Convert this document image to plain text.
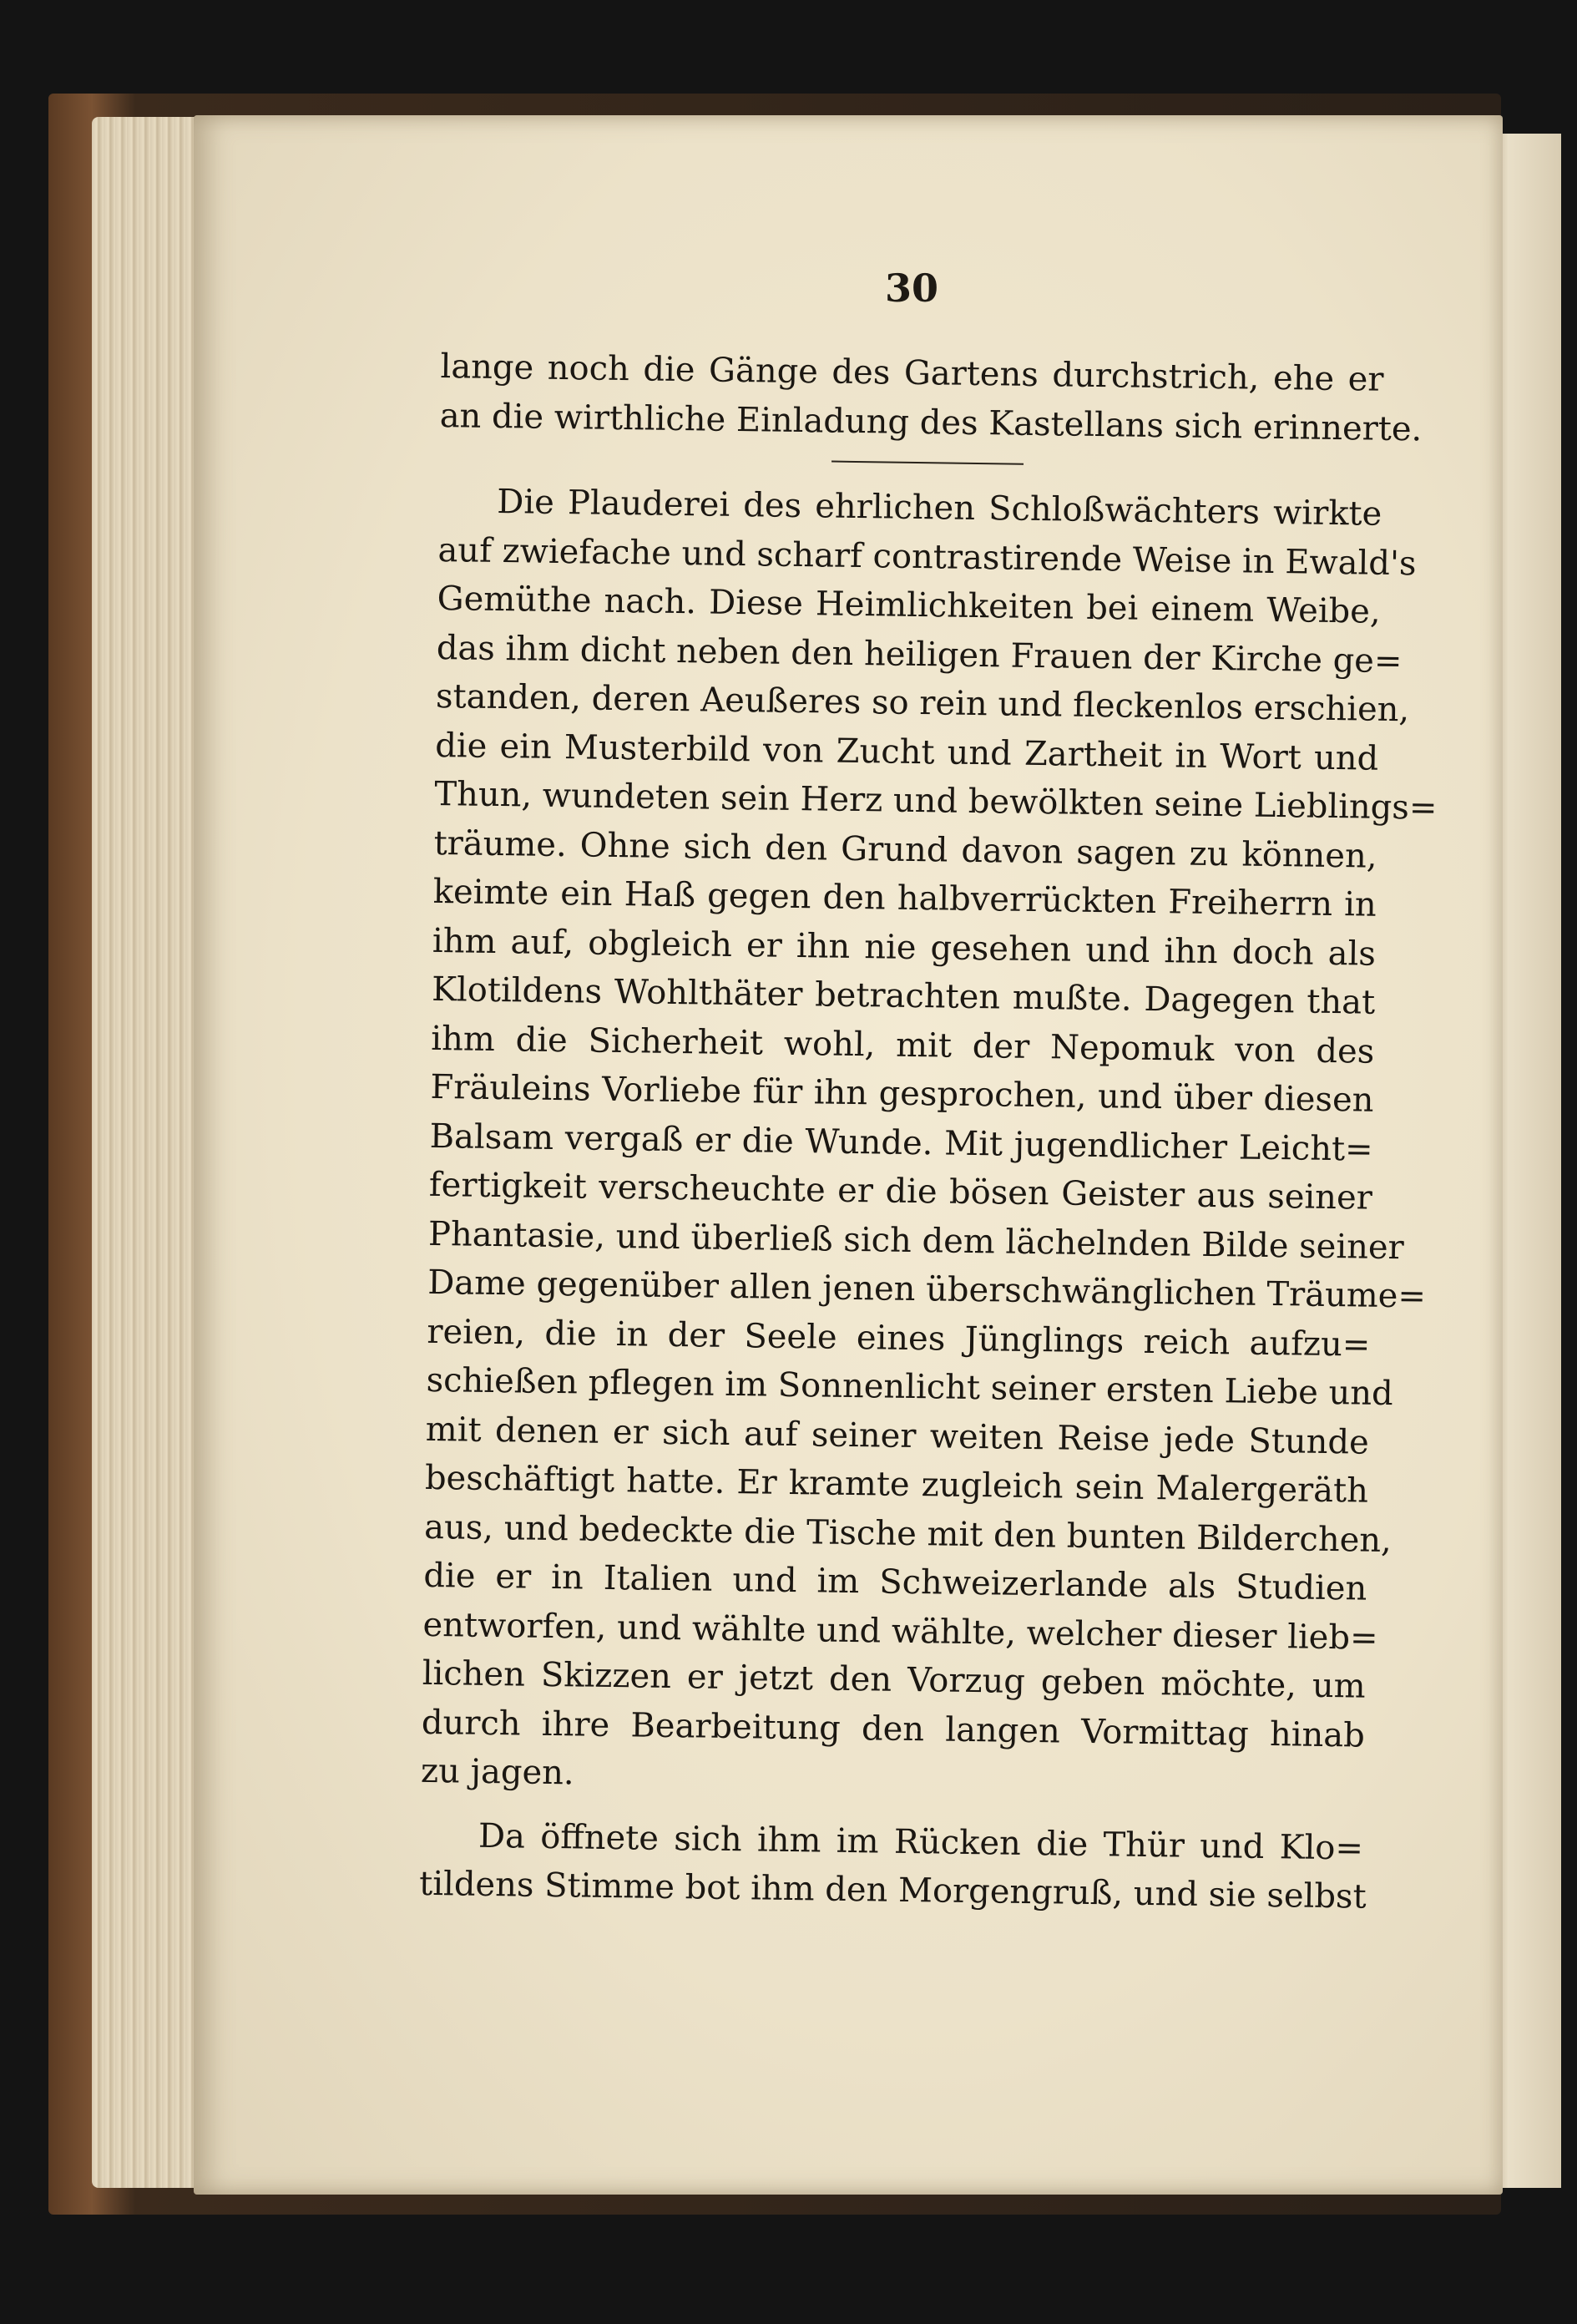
30
lange noch die Gänge des Gartens durchstrich, ehe er
an die wirthliche Einladung des Kastellans sich erinnerte.
Die Plauderei des ehrlichen Schloßwächters wirkte
auf zwiefache und scharf contrastirende Weise in Ewald's
Gemüthe nach. Diese Heimlichkeiten bei einem Weibe,
das ihm dicht neben den heiligen Frauen der Kirche ge=
standen, deren Aeußeres so rein und fleckenlos erschien,
die ein Musterbild von Zucht und Zartheit in Wort und
Thun, wundeten sein Herz und bewölkten seine Lieblings=
träume. Ohne sich den Grund davon sagen zu können,
keimte ein Haß gegen den halbverrückten Freiherrn in
ihm auf, obgleich er ihn nie gesehen und ihn doch als
Klotildens Wohlthäter betrachten mußte. Dagegen that
ihm die Sicherheit wohl, mit der Nepomuk von des
Fräuleins Vorliebe für ihn gesprochen, und über diesen
Balsam vergaß er die Wunde. Mit jugendlicher Leicht=
fertigkeit verscheuchte er die bösen Geister aus seiner
Phantasie, und überließ sich dem lächelnden Bilde seiner
Dame gegenüber allen jenen überschwänglichen Träume=
reien, die in der Seele eines Jünglings reich aufzu=
schießen pflegen im Sonnenlicht seiner ersten Liebe und
mit denen er sich auf seiner weiten Reise jede Stunde
beschäftigt hatte. Er kramte zugleich sein Malergeräth
aus, und bedeckte die Tische mit den bunten Bilderchen,
die er in Italien und im Schweizerlande als Studien
entworfen, und wählte und wählte, welcher dieser lieb=
lichen Skizzen er jetzt den Vorzug geben möchte, um
durch ihre Bearbeitung den langen Vormittag hinab
zu jagen.
Da öffnete sich ihm im Rücken die Thür und Klo=
tildens Stimme bot ihm den Morgengruß, und sie selbst
